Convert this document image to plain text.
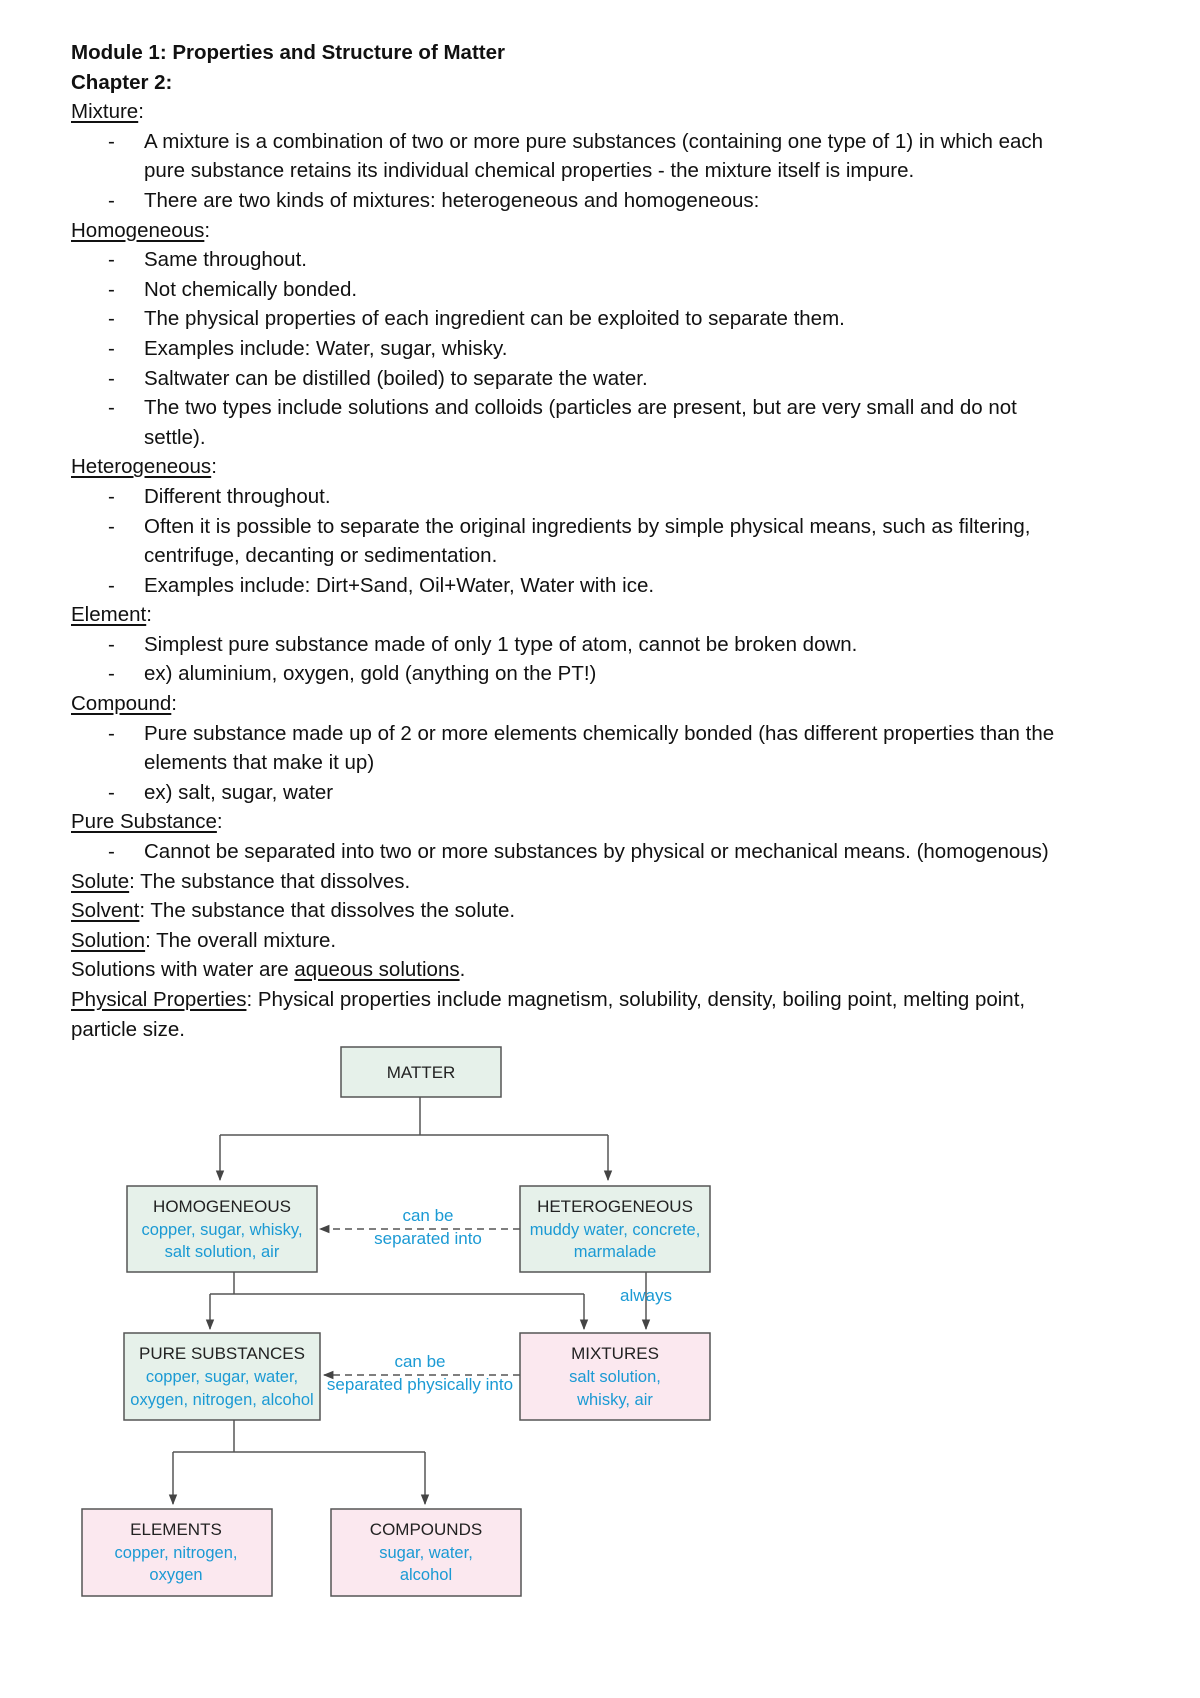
Module 1: Properties and Structure of Matter
Chapter 2:
Mixture:
- A mixture is a combination of two or more pure substances (containing one type of 1) in which each
pure substance retains its individual chemical properties - the mixture itself is impure.
- There are two kinds of mixtures: heterogeneous and homogeneous:
Homogeneous:
- Same throughout.
- Not chemically bonded.
- The physical properties of each ingredient can be exploited to separate them.
- Examples include: Water, sugar, whisky.
- Saltwater can be distilled (boiled) to separate the water.
- The two types include solutions and colloids (particles are present, but are very small and do not
settle).
Heterogeneous:
- Different throughout.
- Often it is possible to separate the original ingredients by simple physical means, such as filtering,
centrifuge, decanting or sedimentation.
- Examples include: Dirt+Sand, Oil+Water, Water with ice.
Element:
- Simplest pure substance made of only 1 type of atom, cannot be broken down.
- ex) aluminium, oxygen, gold (anything on the PT!)
Compound:
- Pure substance made up of 2 or more elements chemically bonded (has different properties than the
elements that make it up)
- ex) salt, sugar, water
Pure Substance:
- Cannot be separated into two or more substances by physical or mechanical means. (homogenous)
Solute: The substance that dissolves.
Solvent: The substance that dissolves the solute.
Solution: The overall mixture.
Solutions with water are aqueous solutions.
Physical Properties: Physical properties include magnetism, solubility, density, boiling point, melting point,
particle size.
can be
separated into
always
can be
separated physically into
MATTER
HOMOGENEOUS
copper, sugar, whisky,
salt solution, air
HETEROGENEOUS
muddy water, concrete,
marmalade
PURE SUBSTANCES
copper, sugar, water,
oxygen, nitrogen, alcohol
MIXTURES
salt solution,
whisky, air
ELEMENTS
copper, nitrogen,
oxygen
COMPOUNDS
sugar, water,
alcohol
